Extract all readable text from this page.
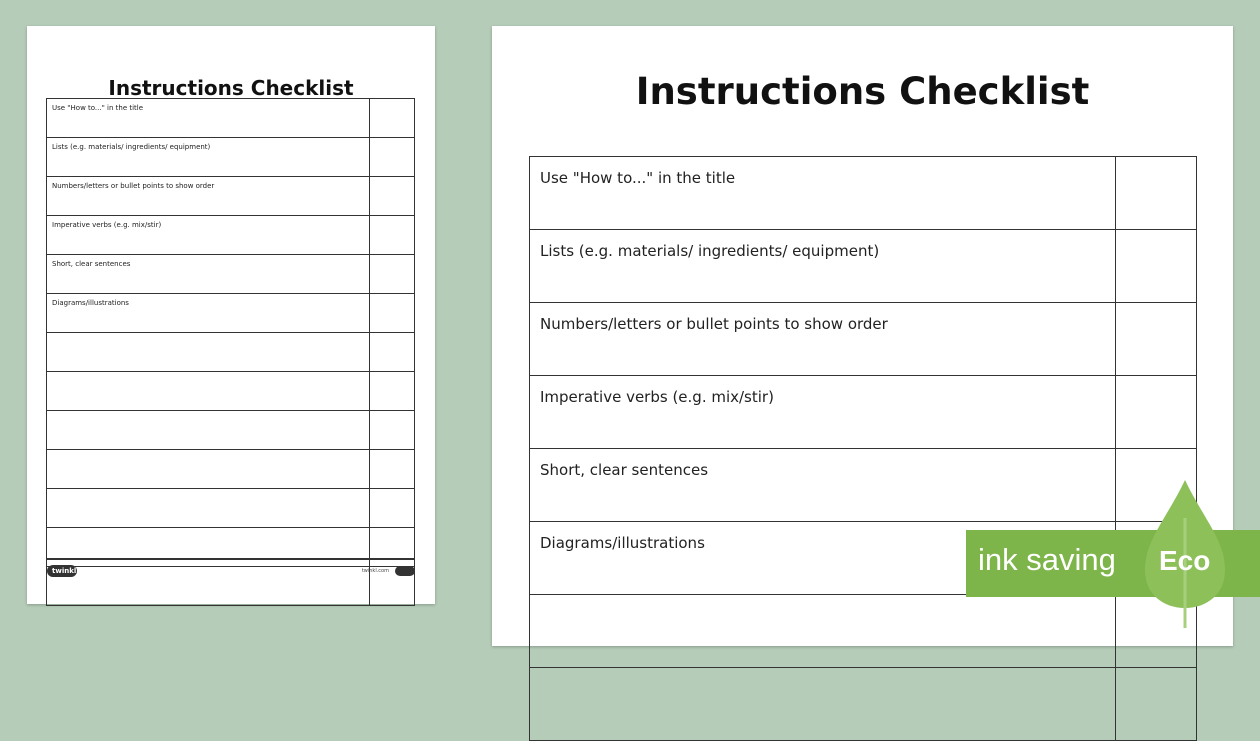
Instructions Checklist
Use "How to..." in the title	
Lists (e.g. materials/ ingredients/ equipment)	
Numbers/letters or bullet points to show order	
Imperative verbs (e.g. mix/stir)	
Short, clear sentences	
Diagrams/illustrations	

twinkl	twinkl.com
Instructions Checklist
Use "How to..." in the title	
Lists (e.g. materials/ ingredients/ equipment)	
Numbers/letters or bullet points to show order	
Imperative verbs (e.g. mix/stir)	
Short, clear sentences	
Diagrams/illustrations	

		ink saving Eco
